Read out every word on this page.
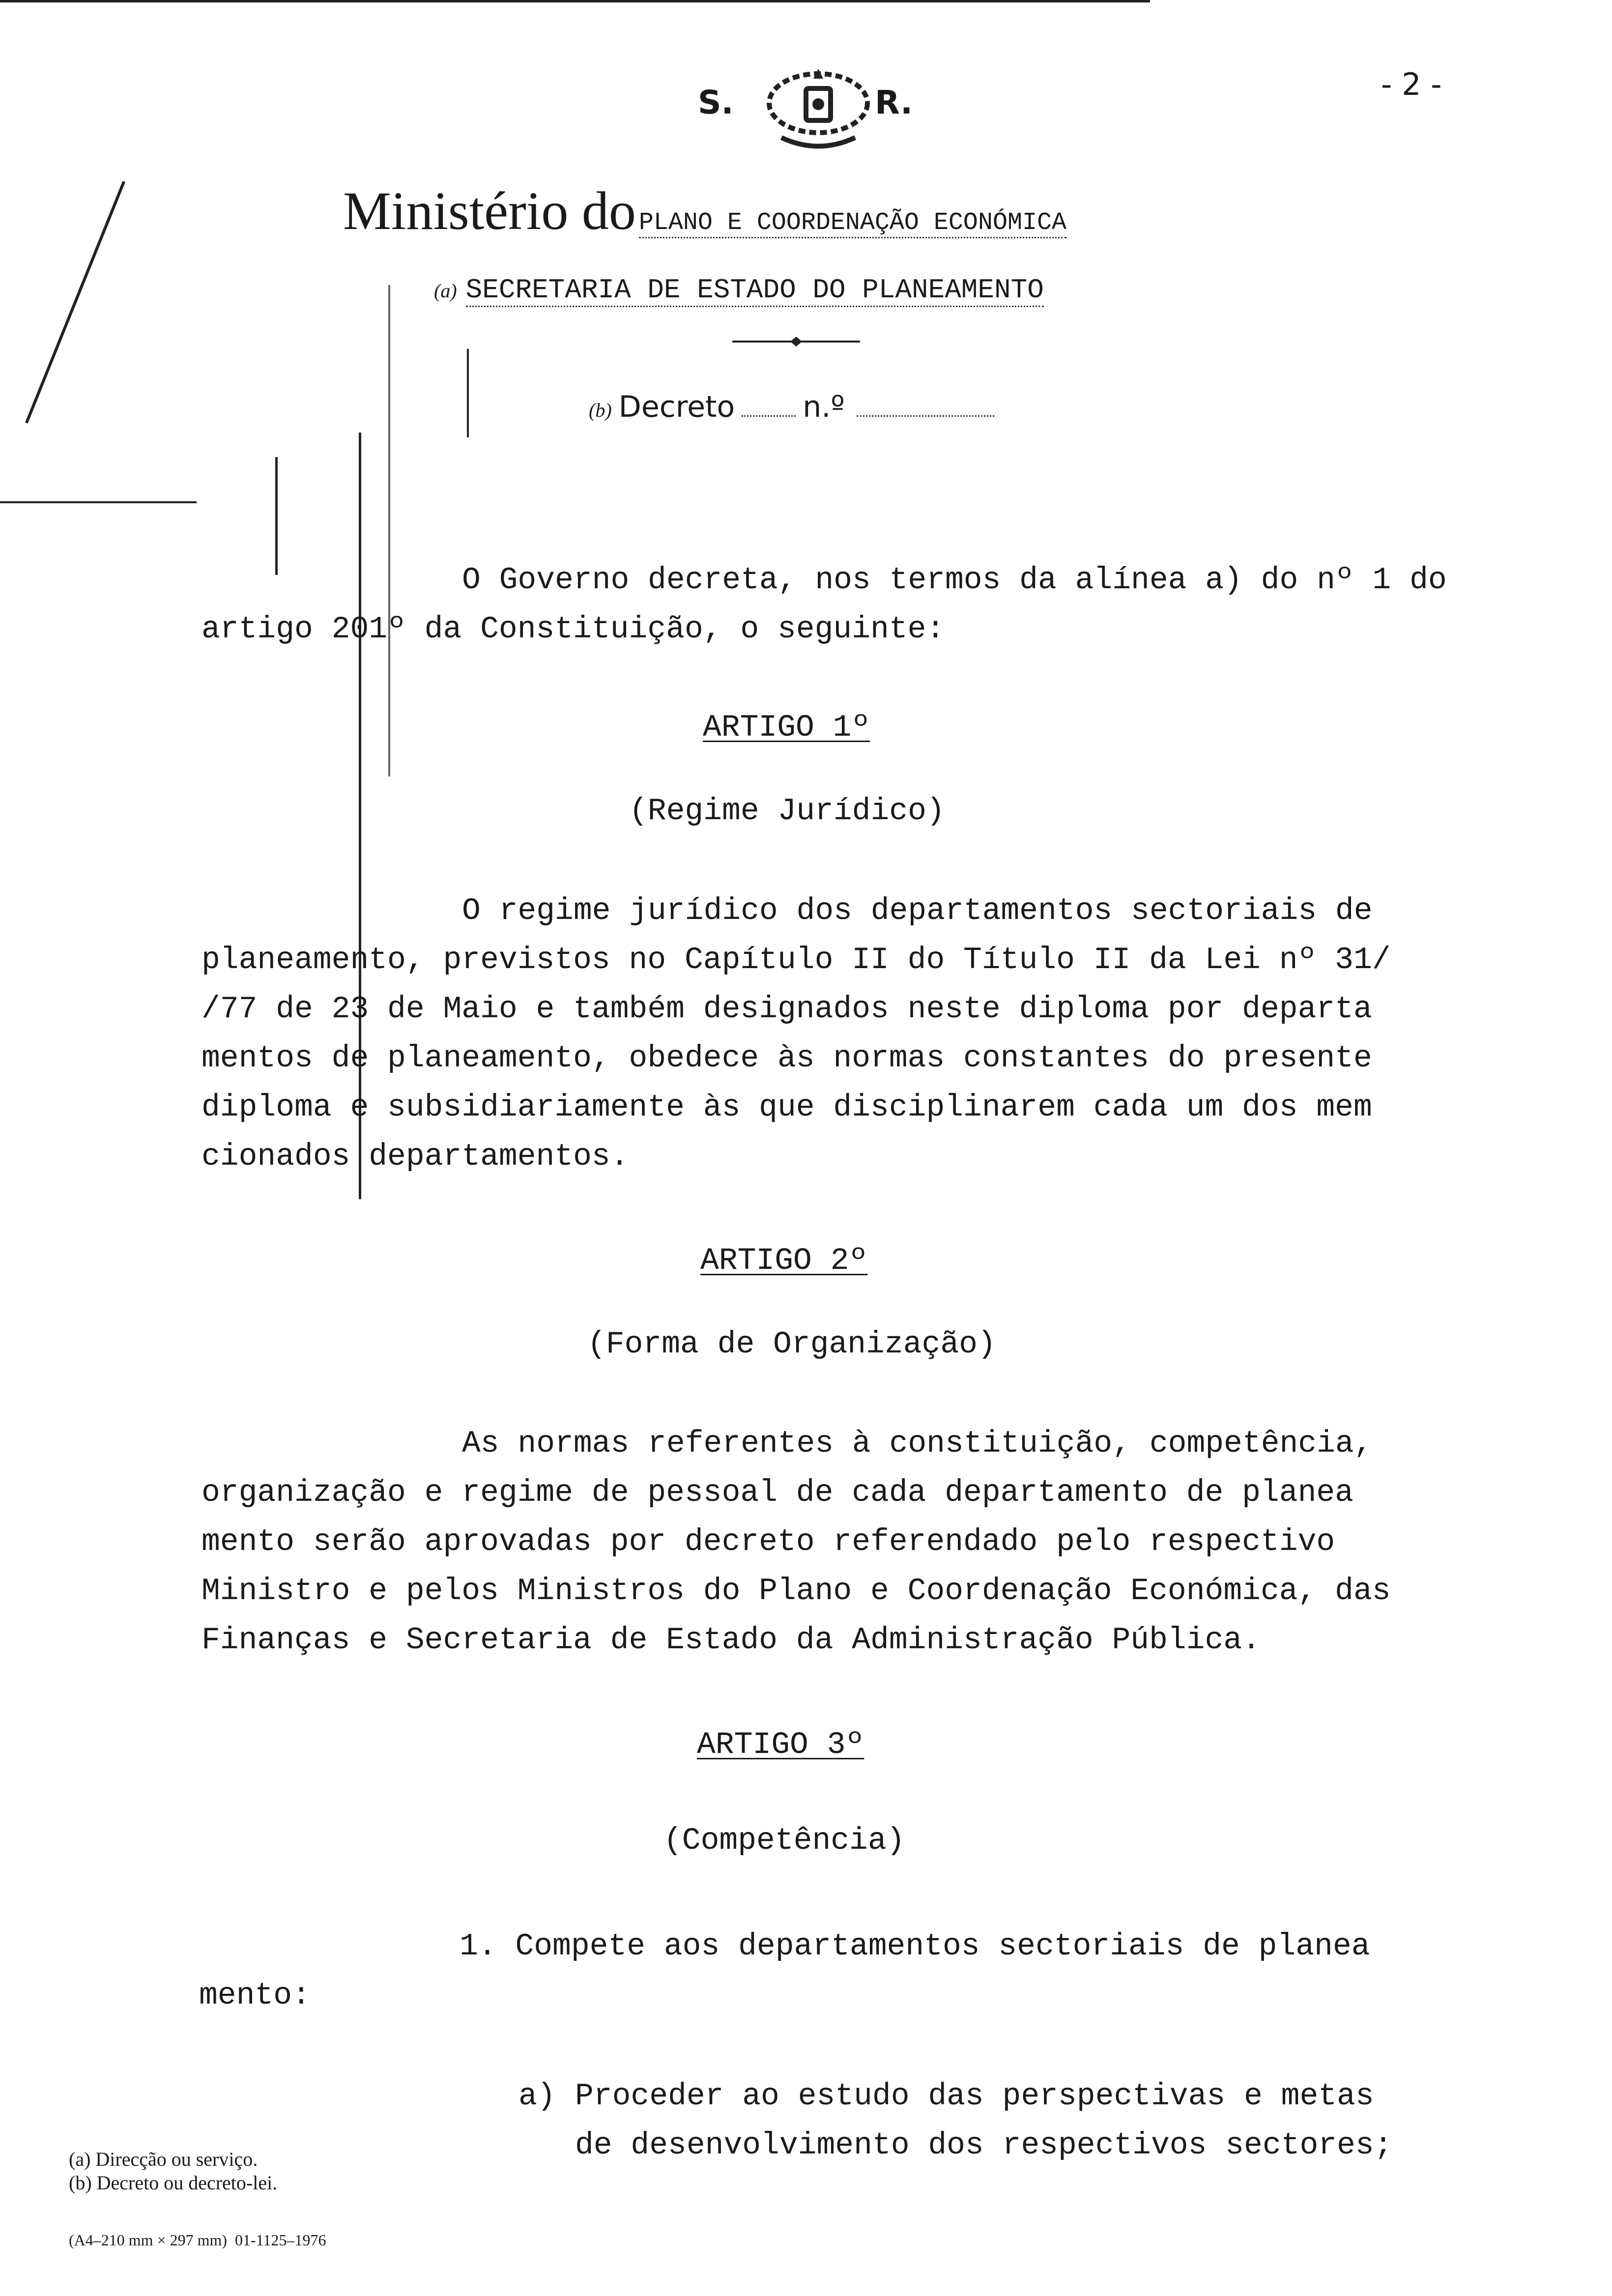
- 2 -
S.	R.

Ministério do PLANO E COORDENAÇÃO ECONÓMICA

(a) SECRETARIA DE ESTADO DO PLANEAMENTO

(b) Decreto n.º

O Governo decreta, nos termos da alínea a) do nº 1 do
artigo 201º da Constituição, o seguinte:
ARTIGO 1º
(Regime Jurídico)
O regime jurídico dos departamentos sectoriais de
planeamento, previstos no Capítulo II do Título II da Lei nº 31/
/77 de 23 de Maio e também designados neste diploma por departa
mentos de planeamento, obedece às normas constantes do presente
diploma e subsidiariamente às que disciplinarem cada um dos mem
cionados departamentos.
ARTIGO 2º
(Forma de Organização)
As normas referentes à constituição, competência,
organização e regime de pessoal de cada departamento de planea
mento serão aprovadas por decreto referendado pelo respectivo
Ministro e pelos Ministros do Plano e Coordenação Económica, das
Finanças e Secretaria de Estado da Administração Pública.
ARTIGO 3º
(Competência)
1. Compete aos departamentos sectoriais de planea
mento:
a) Proceder ao estudo das perspectivas e metas
de desenvolvimento dos respectivos sectores;
(a) Direcção ou serviço.
(b) Decreto ou decreto-lei.
(A4–210 mm × 297 mm)  01-1125–1976
